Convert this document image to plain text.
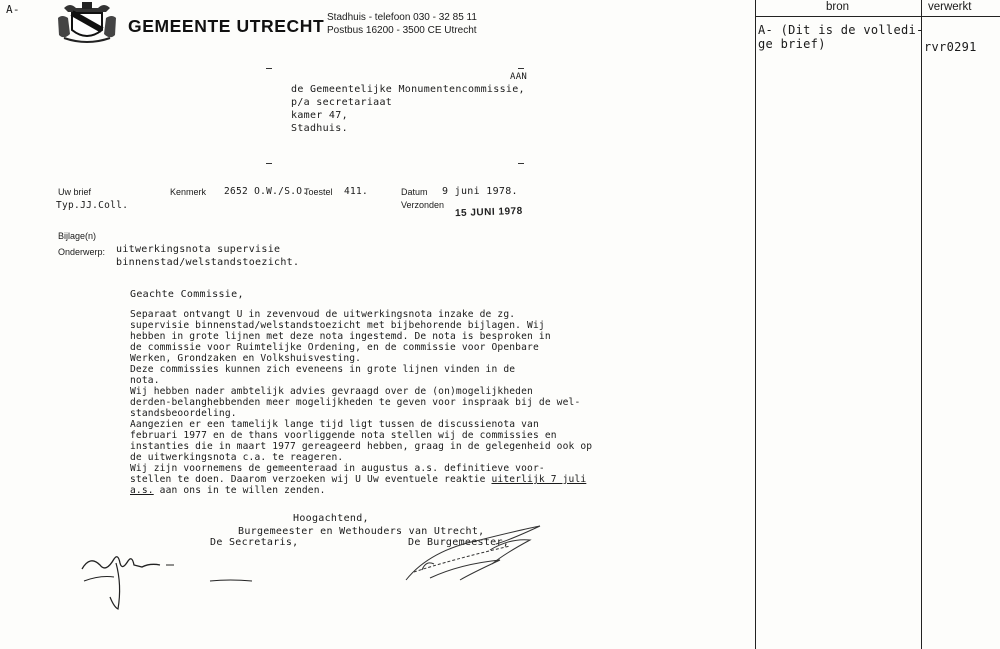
A-
GEMEENTE UTRECHT Stadhuis - telefoon 030 - 32 85 11
Postbus 16200 - 3500 CE Utrecht
AAN
de Gemeentelijke Monumentencommissie,
p/a secretariaat
kamer 47,
Stadhuis.
Uw brief	Kenmerk 2652 O.W./S.O.
Toestel 411.	Datum 9 juni 1978.
Verzonden
15 JUNI 1978
Typ.JJ.Coll.
Bijlage(n)
Onderwerp: uitwerkingsnota supervisie
binnenstad/welstandstoezicht.
Geachte Commissie,
Separaat ontvangt U in zevenvoud de uitwerkingsnota inzake de zg.
supervisie binnenstad/welstandstoezicht met bijbehorende bijlagen. Wij
hebben in grote lijnen met deze nota ingestemd. De nota is besproken in
de commissie voor Ruimtelijke Ordening, en de commissie voor Openbare
Werken, Grondzaken en Volkshuisvesting.
Deze commissies kunnen zich eveneens in grote lijnen vinden in de
nota.
Wij hebben nader ambtelijk advies gevraagd over de (on)mogelijkheden
derden-belanghebbenden meer mogelijkheden te geven voor inspraak bij de wel-
standsbeoordeling.
Aangezien er een tamelijk lange tijd ligt tussen de discussienota van
februari 1977 en de thans voorliggende nota stellen wij de commissies en
instanties die in maart 1977 gereageerd hebben, graag in de gelegenheid ook op
de uitwerkingsnota c.a. te reageren.
Wij zijn voornemens de gemeenteraad in augustus a.s. definitieve voor-
stellen te doen. Daarom verzoeken wij U Uw eventuele reaktie uiterlijk 7 juli
a.s. aan ons in te willen zenden.
Hoogachtend,
Burgemeester en Wethouders van Utrecht,
De Secretaris,	De Burgemeester,
bron	verwerkt
A- (Dit is de volledi-
ge brief)	rvr0291
